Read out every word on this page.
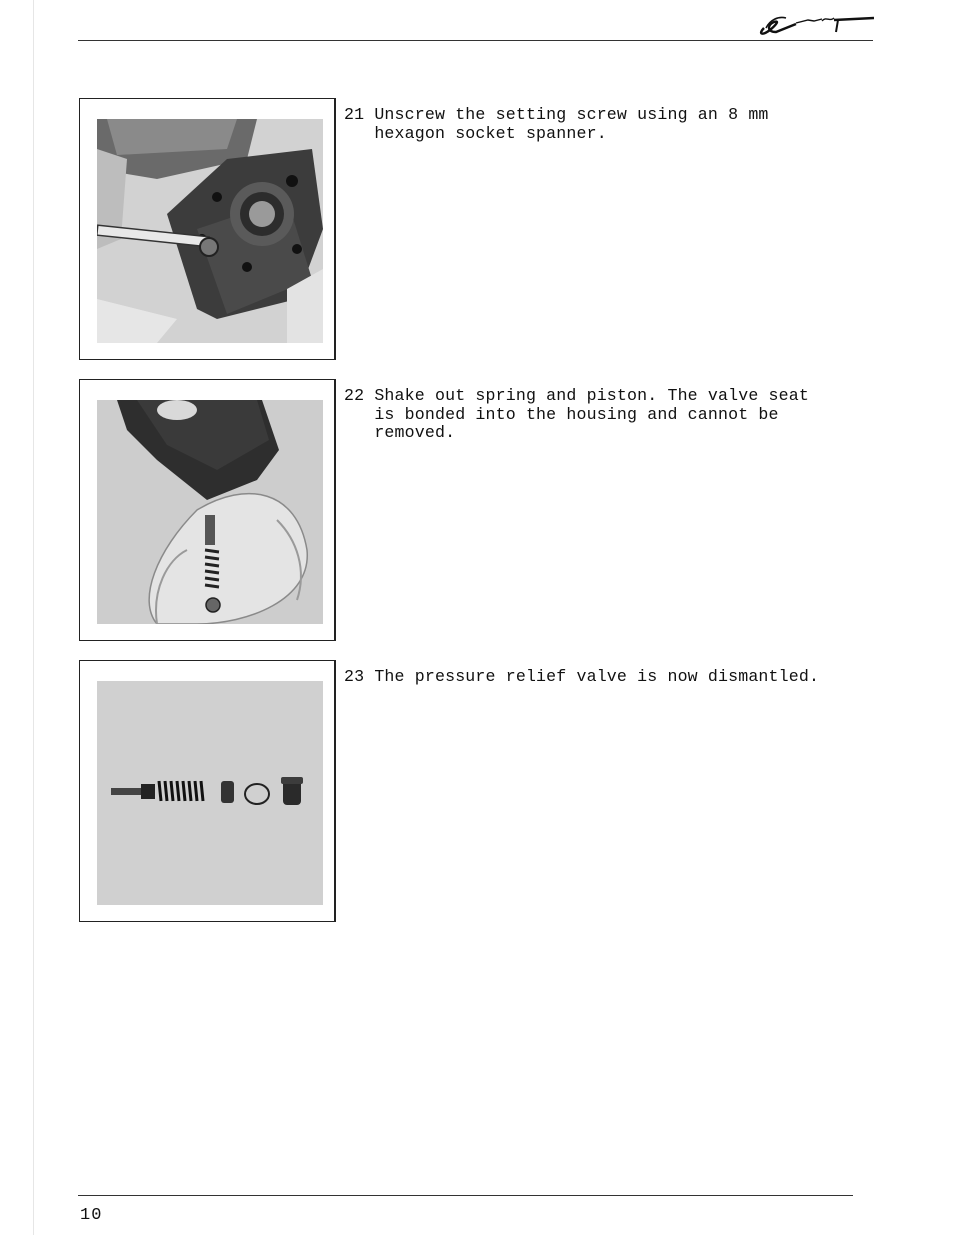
21 Unscrew the setting screw using an 8 mm
hexagon socket spanner.
22 Shake out spring and piston. The valve seat
is bonded into the housing and cannot be
removed.
23 The pressure relief valve is now dismantled.
10
